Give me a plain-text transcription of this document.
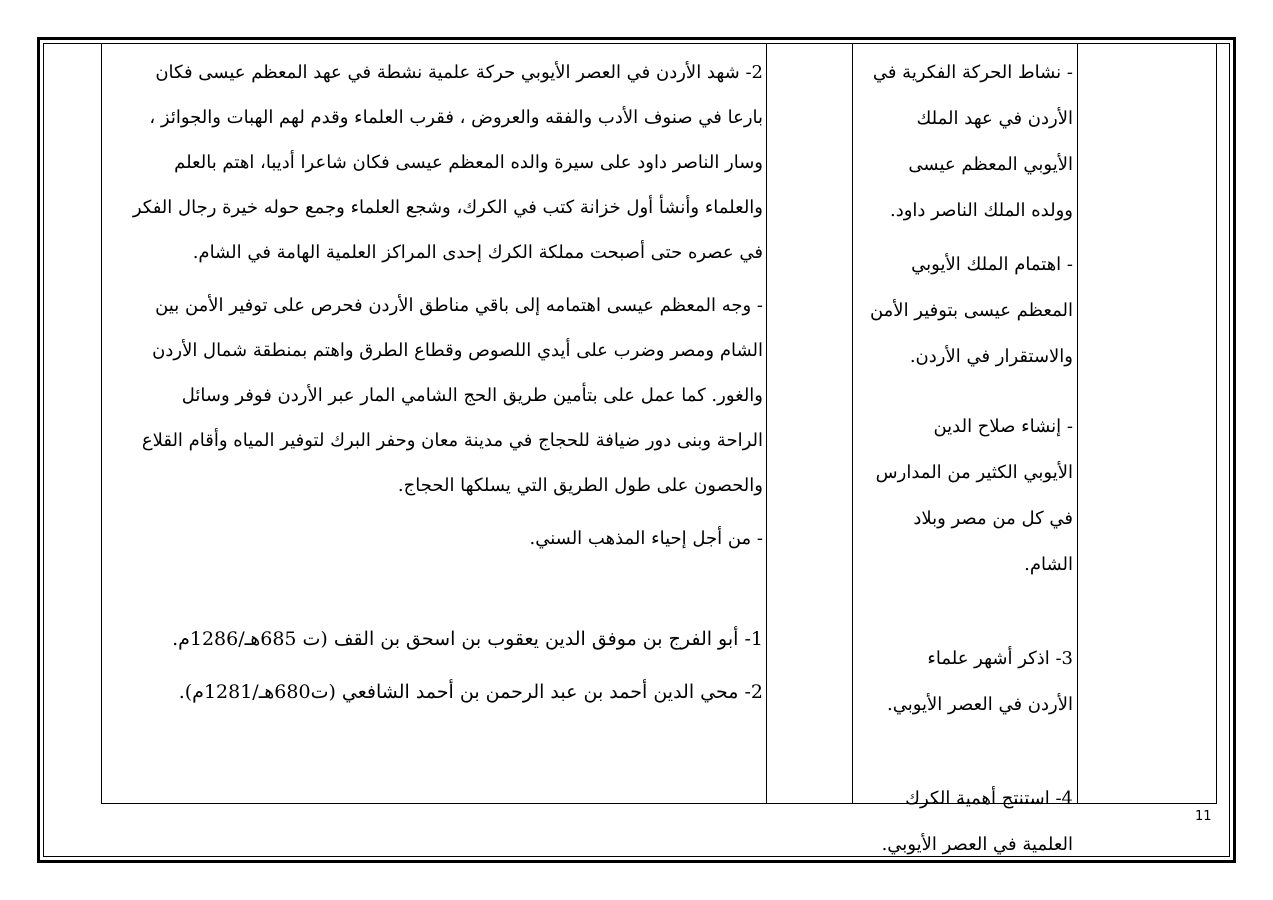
2- شهد الأردن في العصر الأيوبي حركة علمية نشطة في عهد المعظم عيسى فكان

بارعا في صنوف الأدب والفقه والعروض ، فقرب العلماء وقدم لهم الهبات والجوائز ،

وسار الناصر داود على سيرة والده المعظم عيسى فكان شاعرا أديبا، اهتم بالعلم

والعلماء وأنشأ أول خزانة كتب في الكرك، وشجع العلماء وجمع حوله خيرة رجال الفكر

في عصره حتى أصبحت مملكة الكرك إحدى المراكز العلمية الهامة في الشام.

- وجه المعظم عيسى اهتمامه إلى باقي مناطق الأردن فحرص على توفير الأمن بين

الشام ومصر وضرب على أيدي اللصوص وقطاع الطرق واهتم بمنطقة شمال الأردن

والغور. كما عمل على بتأمين طريق الحج الشامي المار عبر الأردن فوفر وسائل

الراحة وبنى دور ضيافة للحجاج في مدينة معان وحفر البرك لتوفير المياه وأقام القلاع

والحصون على طول الطريق التي يسلكها الحجاج.

- من أجل إحياء المذهب السني.

1- أبو الفرج بن موفق الدين يعقوب بن اسحق بن القف (ت 685هـ/1286م.

2- محي الدين أحمد بن عبد الرحمن بن أحمد الشافعي (ت680هـ/1281م).

- نشاط الحركة الفكرية في

الأردن في عهد الملك

الأيوبي المعظم عيسى

وولده الملك الناصر داود.

- اهتمام الملك الأيوبي

المعظم عيسى بتوفير الأمن

والاستقرار في الأردن.

- إنشاء صلاح الدين

الأيوبي الكثير من المدارس

في كل من مصر وبلاد

الشام.

3- اذكر أشهر علماء

الأردن في العصر الأيوبي.

4- استنتج أهمية الكرك

العلمية في العصر الأيوبي.

11
